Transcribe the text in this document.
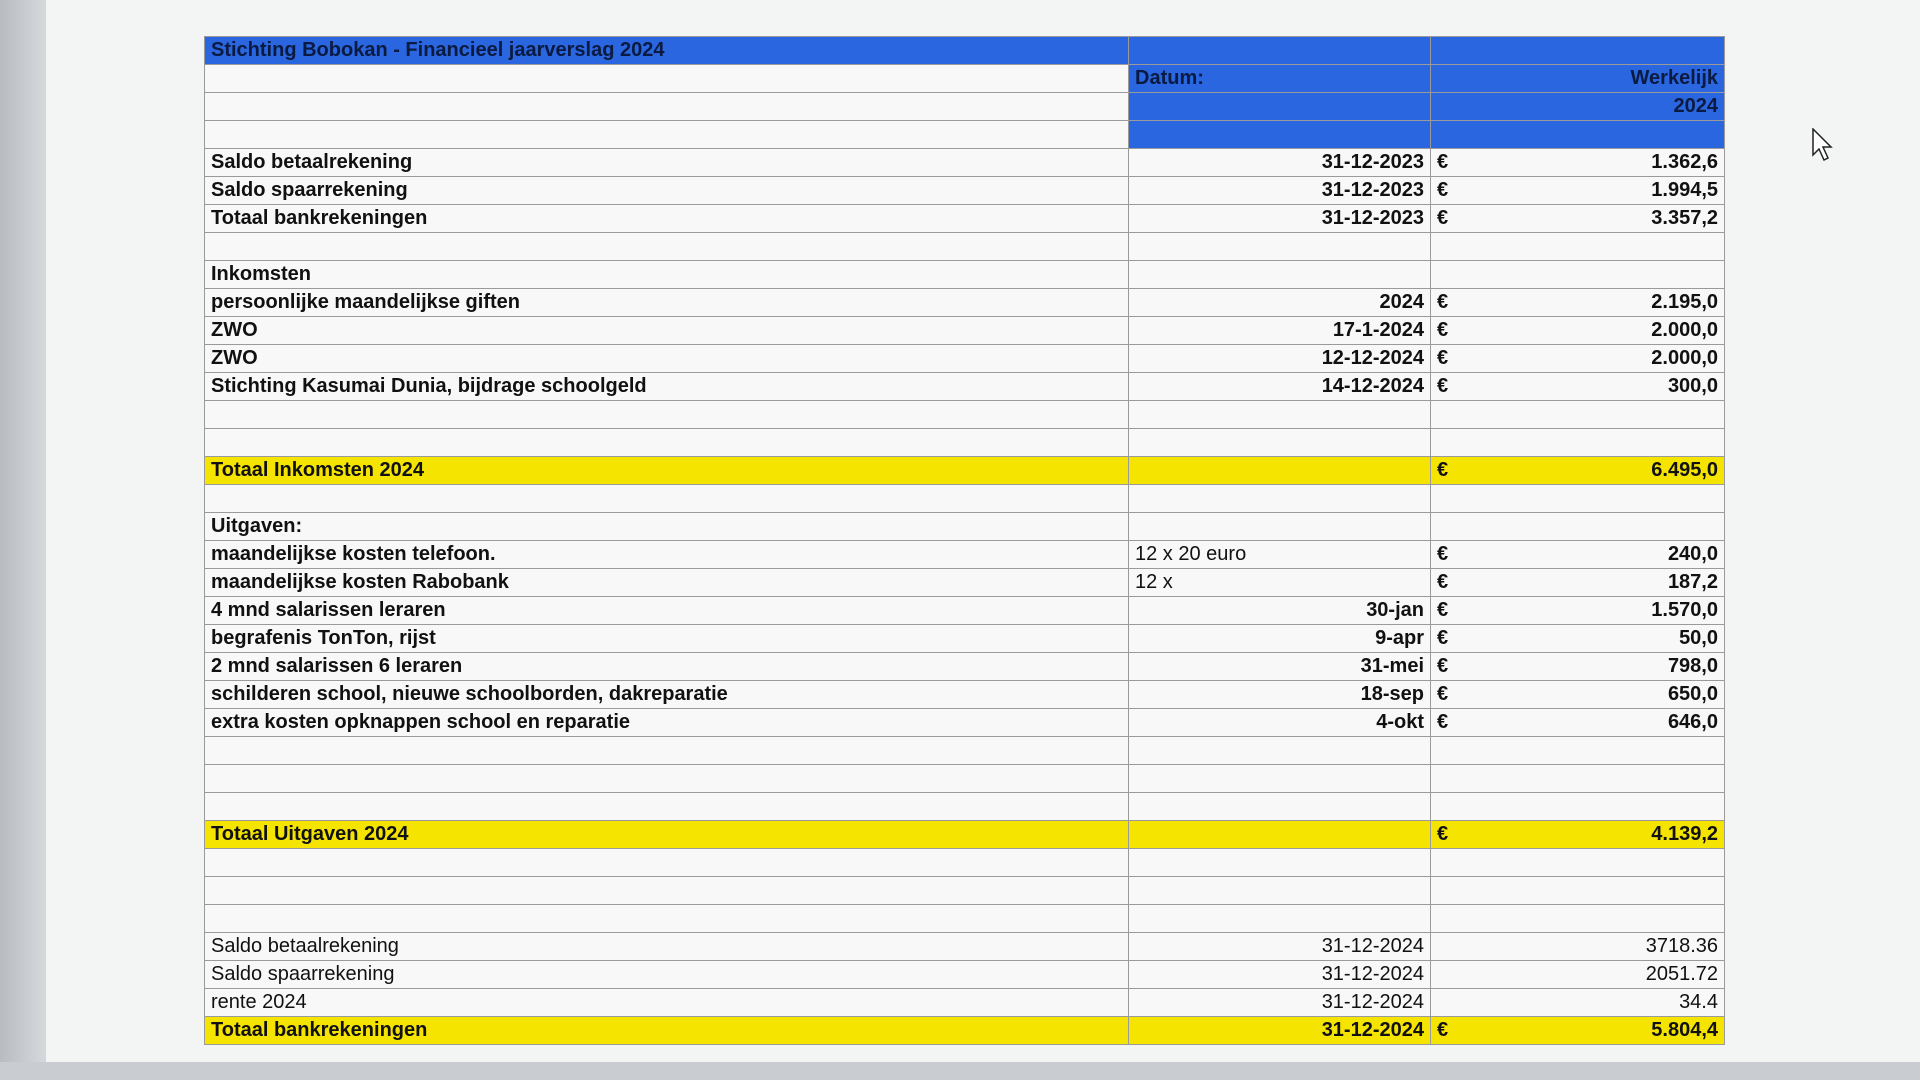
Stichting Bobokan - Financieel jaarverslag 2024		
	Datum:	Werkelijk
		2024

Saldo betaalrekening	31-12-2023	€ 1.362,6

Saldo spaarrekening	31-12-2023	€ 1.994,5

Totaal bankrekeningen	31-12-2023	€ 3.357,2

Inkomsten		
persoonlijke maandelijkse giften	2024	€ 2.195,0

ZWO	17-1-2024	€ 2.000,0

ZWO	12-12-2024	€ 2.000,0

Stichting Kasumai Dunia, bijdrage schoolgeld	14-12-2024	€ 300,0

Totaal Inkomsten 2024		€ 6.495,0

Uitgaven:		
maandelijkse kosten telefoon.	12 x 20 euro	€ 240,0

maandelijkse kosten Rabobank	12 x	€ 187,2

4 mnd salarissen leraren	30-jan	€ 1.570,0

begrafenis TonTon, rijst	9-apr	€ 50,0

2 mnd salarissen 6 leraren	31-mei	€ 798,0

schilderen school, nieuwe schoolborden, dakreparatie	18-sep	€ 650,0

extra kosten opknappen school en reparatie	4-okt	€ 646,0

Totaal Uitgaven 2024		€ 4.139,2

Saldo betaalrekening	31-12-2024	3718.36

Saldo spaarrekening	31-12-2024	2051.72

rente 2024	31-12-2024	34.4

Totaal bankrekeningen	31-12-2024	€ 5.804,4
